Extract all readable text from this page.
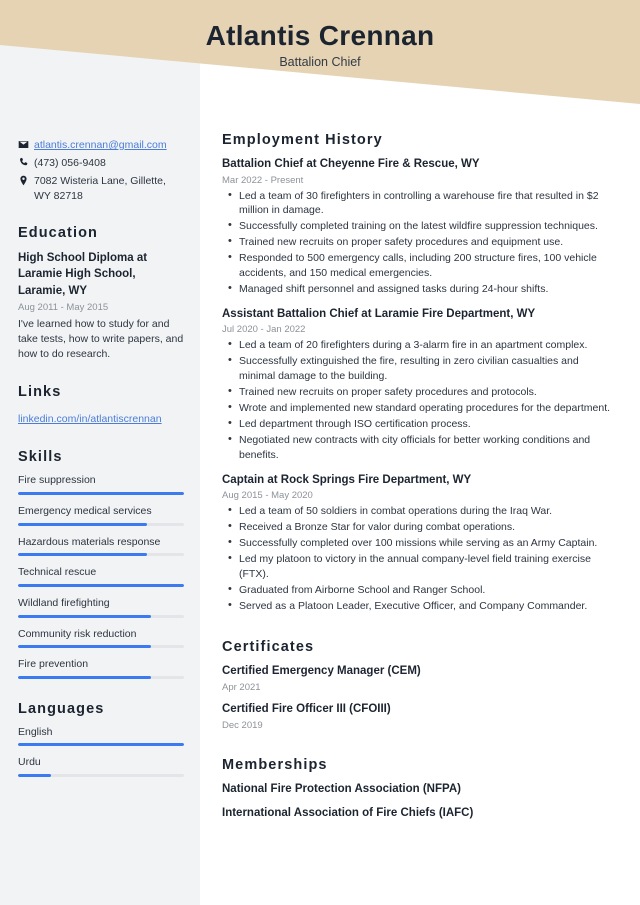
Atlantis Crennan
Battalion Chief
atlantis.crennan@gmail.com
(473) 056-9408
7082 Wisteria Lane, Gillette, WY 82718
Education
High School Diploma at Laramie High School, Laramie, WY
Aug 2011 - May 2015
I've learned how to study for and take tests, how to write papers, and how to do research.
Links
linkedin.com/in/atlantiscrennan
Skills
Fire suppression
Emergency medical services
Hazardous materials response
Technical rescue
Wildland firefighting
Community risk reduction
Fire prevention
Languages
English
Urdu
Employment History
Battalion Chief at Cheyenne Fire & Rescue, WY
Mar 2022 - Present
• Led a team of 30 firefighters in controlling a warehouse fire that resulted in $2 million in damage.
• Successfully completed training on the latest wildfire suppression techniques.
• Trained new recruits on proper safety procedures and equipment use.
• Responded to 500 emergency calls, including 200 structure fires, 100 vehicle accidents, and 150 medical emergencies.
• Managed shift personnel and assigned tasks during 24-hour shifts.
Assistant Battalion Chief at Laramie Fire Department, WY
Jul 2020 - Jan 2022
• Led a team of 20 firefighters during a 3-alarm fire in an apartment complex.
• Successfully extinguished the fire, resulting in zero civilian casualties and minimal damage to the building.
• Trained new recruits on proper safety procedures and protocols.
• Wrote and implemented new standard operating procedures for the department.
• Led department through ISO certification process.
• Negotiated new contracts with city officials for better working conditions and benefits.
Captain at Rock Springs Fire Department, WY
Aug 2015 - May 2020
• Led a team of 50 soldiers in combat operations during the Iraq War.
• Received a Bronze Star for valor during combat operations.
• Successfully completed over 100 missions while serving as an Army Captain.
• Led my platoon to victory in the annual company-level field training exercise (FTX).
• Graduated from Airborne School and Ranger School.
• Served as a Platoon Leader, Executive Officer, and Company Commander.
Certificates
Certified Emergency Manager (CEM)
Apr 2021
Certified Fire Officer III (CFOIII)
Dec 2019
Memberships
National Fire Protection Association (NFPA)
International Association of Fire Chiefs (IAFC)
